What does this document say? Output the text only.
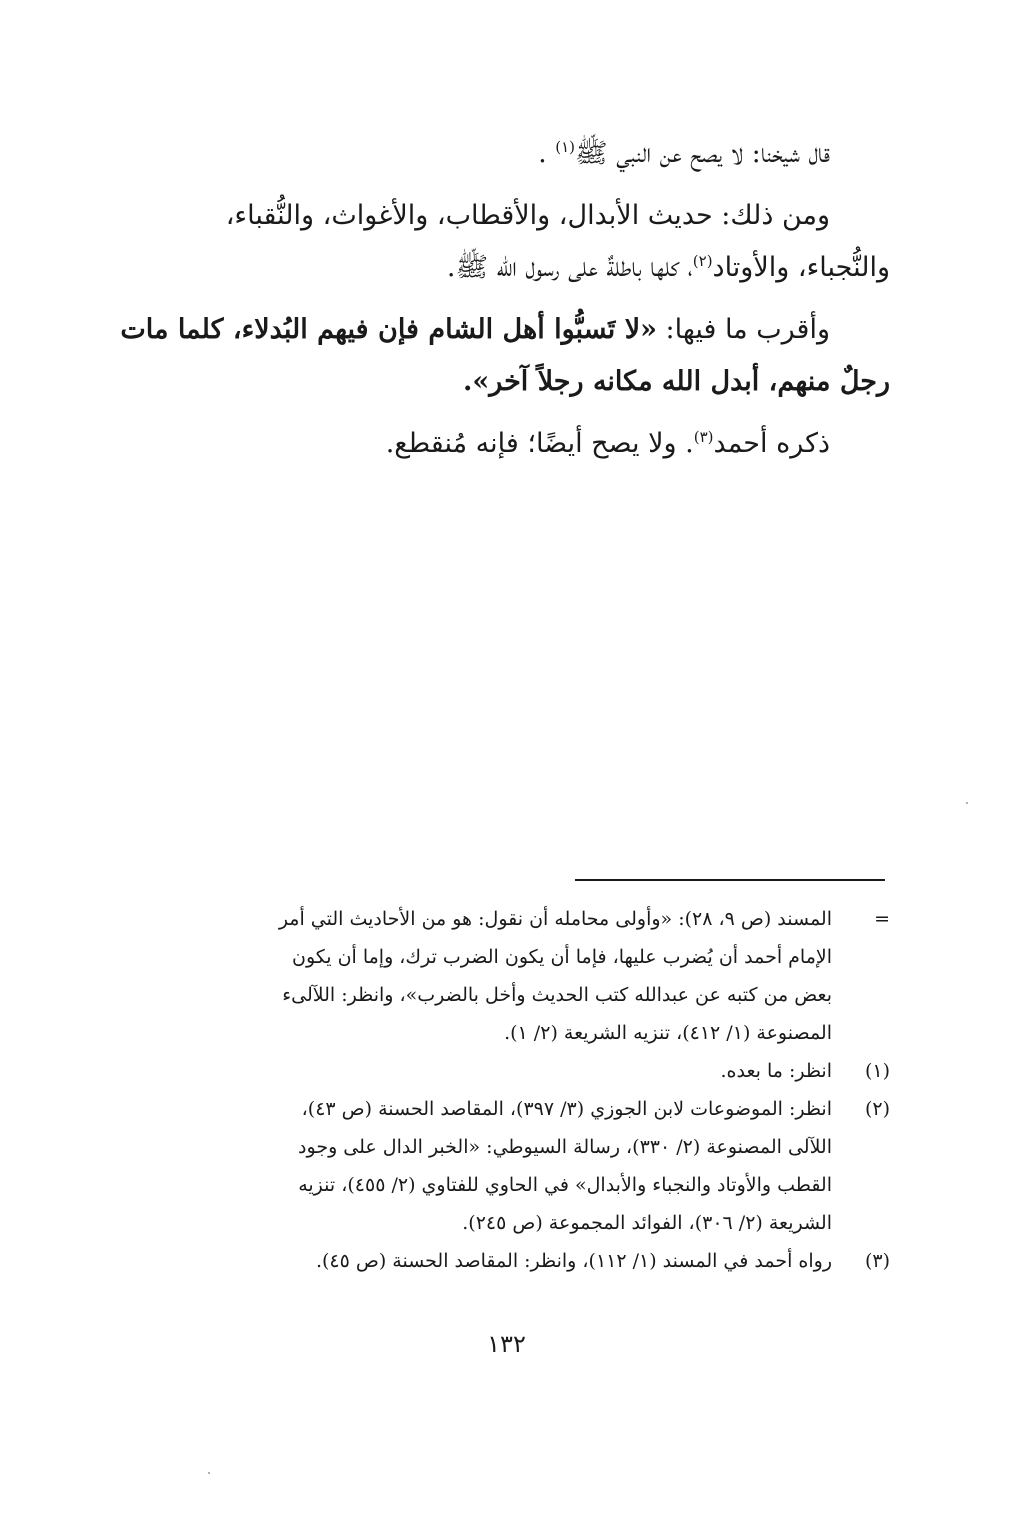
قال شيخنا: لا يصح عن النبي ﷺ$^{(١)}$ .

ومن ذلك: حديث الأبدال، والأقطاب، والأغواث، والنُّقباء،
والنُّجباء، والأوتاد$^{(٢)}$، كلها باطلةٌ على رسول الله ﷺ.

وأقرب ما فيها: «لا تَسبُّوا أهل الشام فإن فيهم البُدلاء، كلما مات
رجلٌ منهم، أبدل الله مكانه رجلاً آخر».

ذكره أحمد$^{(٣)}$. ولا يصح أيضًا؛ فإنه مُنقطع.

=
المسند (ص ٩، ٢٨): «وأولى محامله أن نقول: هو من الأحاديث التي أمر
الإمام أحمد أن يُضرب عليها، فإما أن يكون الضرب ترك، وإما أن يكون
بعض من كتبه عن عبدالله كتب الحديث وأخل بالضرب»، وانظر: اللآلىء
المصنوعة (١/ ٤١٢)، تنزيه الشريعة (٢/ ١).
(١)
انظر: ما بعده.
(٢)
انظر: الموضوعات لابن الجوزي (٣/ ٣٩٧)، المقاصد الحسنة (ص ٤٣)،
اللآلى المصنوعة (٢/ ٣٣٠)، رسالة السيوطي: «الخبر الدال على وجود
القطب والأوتاد والنجباء والأبدال» في الحاوي للفتاوي (٢/ ٤٥٥)، تنزيه
الشريعة (٢/ ٣٠٦)، الفوائد المجموعة (ص ٢٤٥).
(٣)
رواه أحمد في المسند (١/ ١١٢)، وانظر: المقاصد الحسنة (ص ٤٥).
١٣٢
